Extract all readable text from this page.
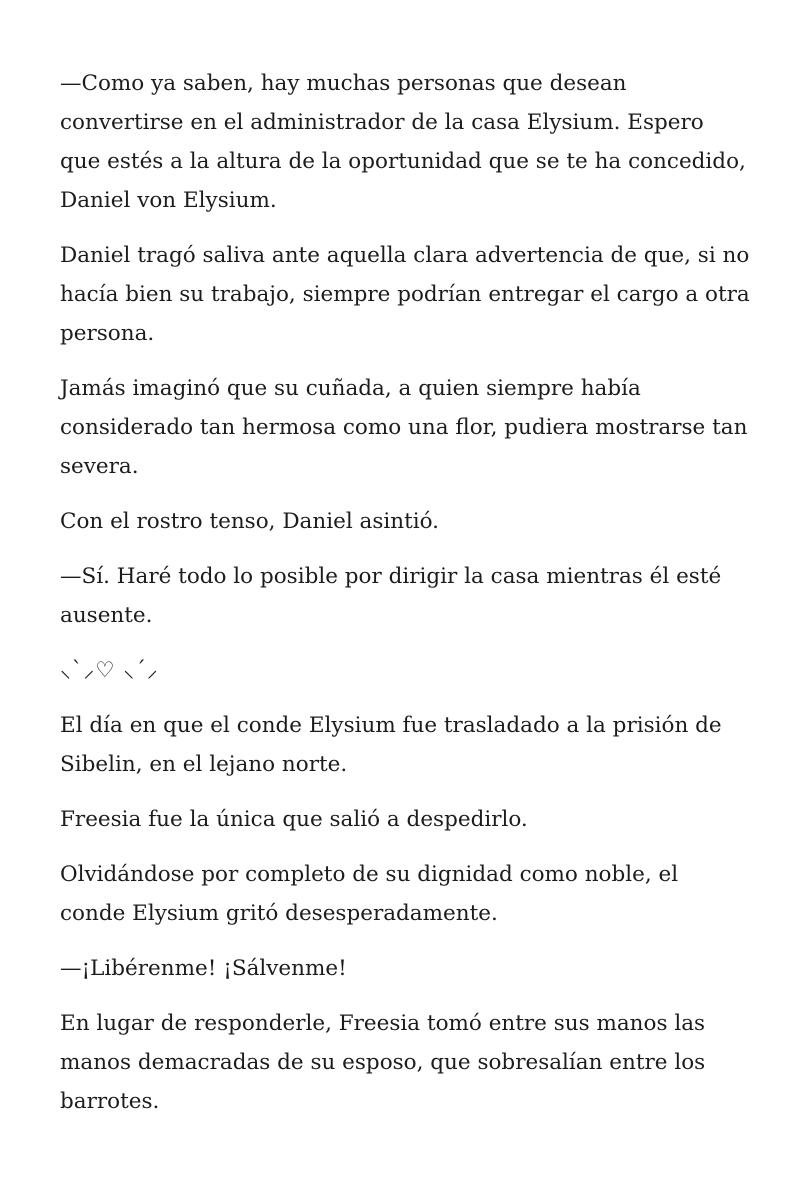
—Como ya saben, hay muchas personas que desean convertirse en el administrador de la casa Elysium. Espero que estés a la altura de la oportunidad que se te ha concedido, Daniel von Elysium.

Daniel tragó saliva ante aquella clara advertencia de que, si no hacía bien su trabajo, siempre podrían entregar el cargo a otra persona.

Jamás imaginó que su cuñada, a quien siempre había considerado tan hermosa como una flor, pudiera mostrarse tan severa.

Con el rostro tenso, Daniel asintió.

—Sí. Haré todo lo posible por dirigir la casa mientras él esté ausente.

⸜`⸝♡ ⸜´⸝

El día en que el conde Elysium fue trasladado a la prisión de Sibelin, en el lejano norte.

Freesia fue la única que salió a despedirlo.

Olvidándose por completo de su dignidad como noble, el conde Elysium gritó desesperadamente.

—¡Libérenme! ¡Sálvenme!

En lugar de responderle, Freesia tomó entre sus manos las manos demacradas de su esposo, que sobresalían entre los barrotes.
